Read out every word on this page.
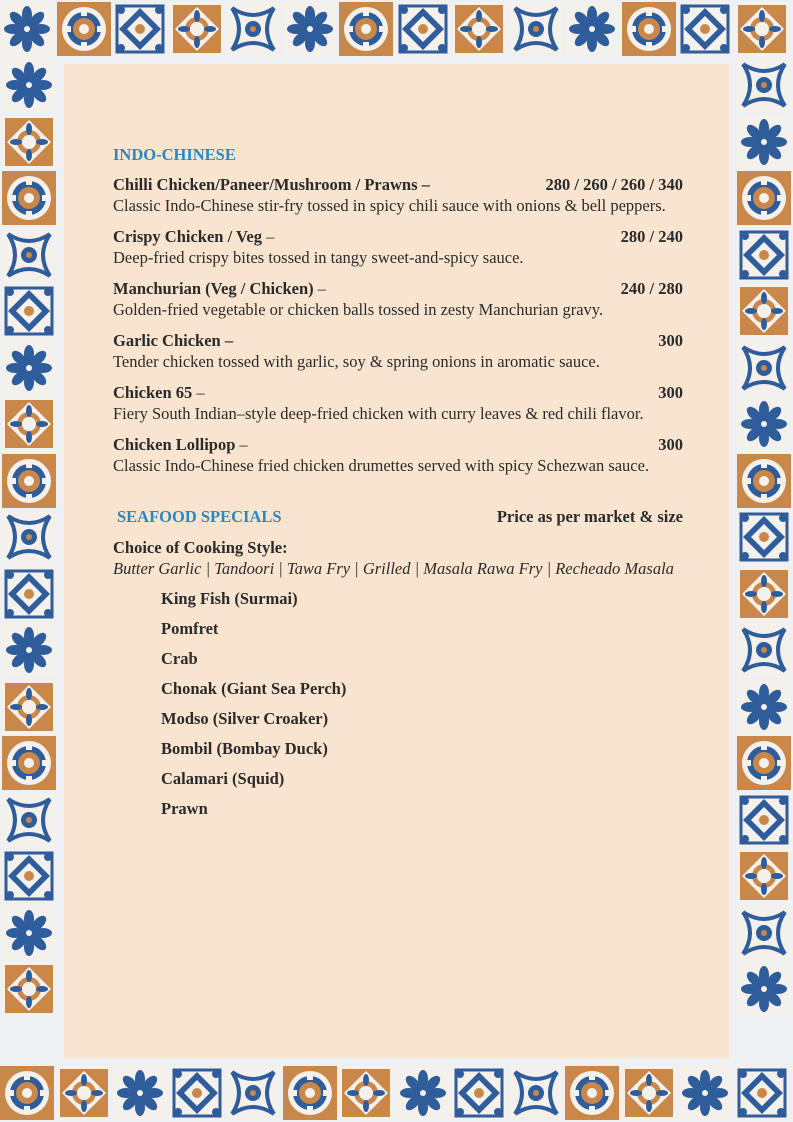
INDO-CHINESE
Chilli Chicken/Paneer/Mushroom / Prawns –	280 / 260 / 260 / 340
Classic Indo-Chinese stir-fry tossed in spicy chili sauce with onions & bell peppers.
Crispy Chicken / Veg –	280 / 240
Deep-fried crispy bites tossed in tangy sweet-and-spicy sauce.
Manchurian (Veg / Chicken) –	240 / 280
Golden-fried vegetable or chicken balls tossed in zesty Manchurian gravy.
Garlic Chicken –	300
Tender chicken tossed with garlic, soy & spring onions in aromatic sauce.
Chicken 65 –	300
Fiery South Indian–style deep-fried chicken with curry leaves & red chili flavor.
Chicken Lollipop –	300
Classic Indo-Chinese fried chicken drumettes served with spicy Schezwan sauce.
SEAFOOD SPECIALS	Price as per market & size
Choice of Cooking Style:
Butter Garlic | Tandoori | Tawa Fry | Grilled | Masala Rawa Fry | Recheado Masala
King Fish (Surmai)
Pomfret
Crab
Chonak (Giant Sea Perch)
Modso (Silver Croaker)
Bombil (Bombay Duck)
Calamari (Squid)
Prawn
